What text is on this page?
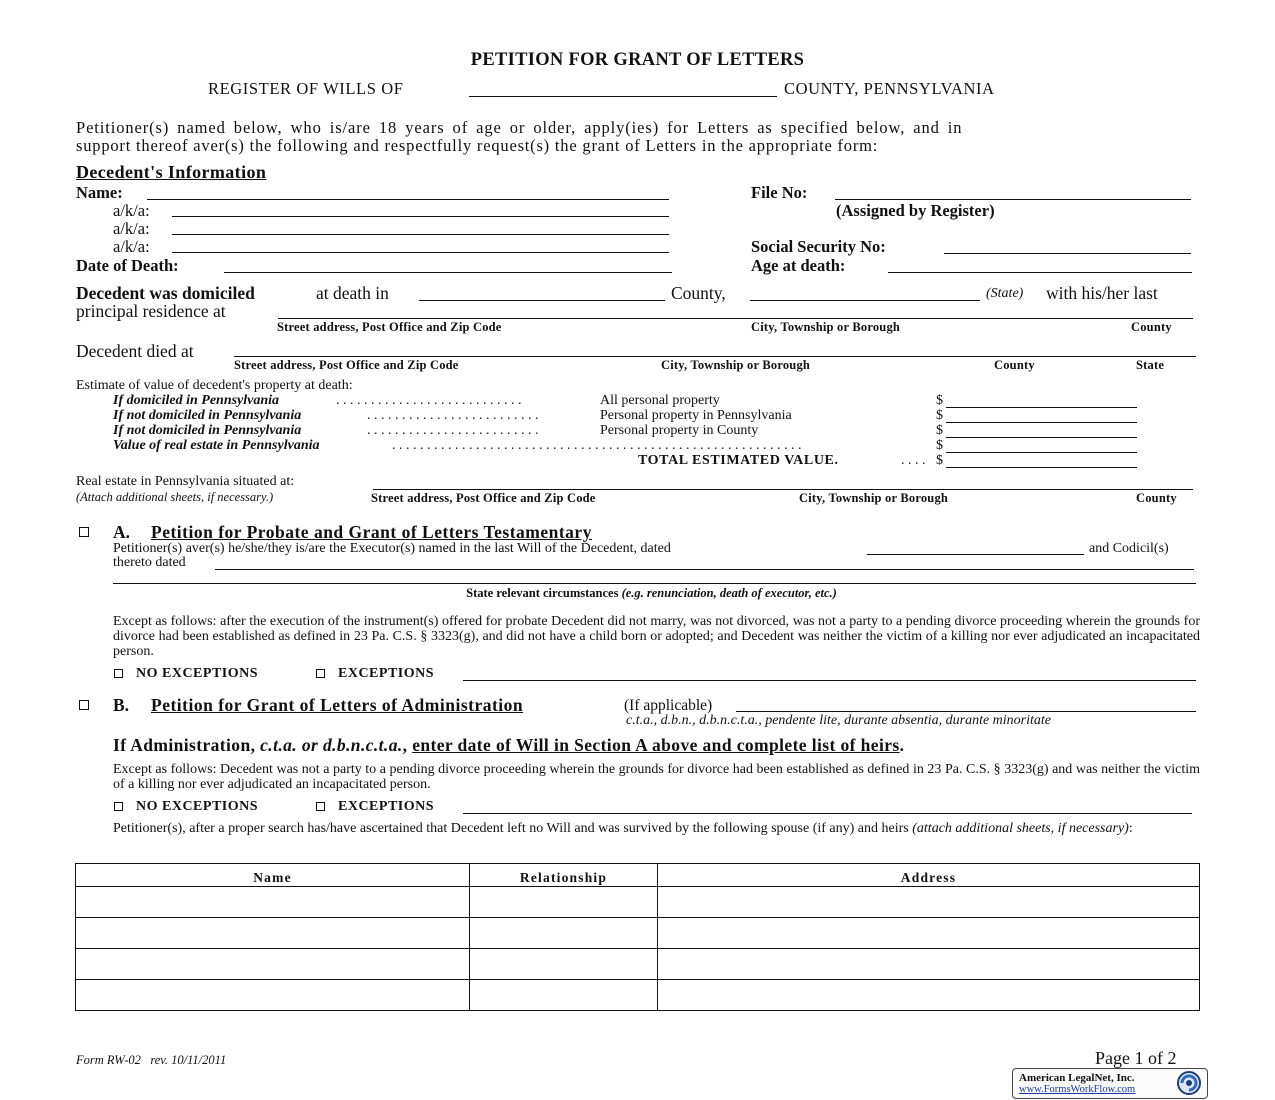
PETITION FOR GRANT OF LETTERS
REGISTER OF WILLS OF	COUNTY, PENNSYLVANIA
Petitioner(s) named below, who is/are 18 years of age or older, apply(ies) for Letters as specified below, and in
support thereof aver(s) the following and respectfully request(s) the grant of Letters in the appropriate form:
Decedent's Information
Name:
a/k/a:
a/k/a:
a/k/a:
Date of Death:
File No:
(Assigned by Register)
Social Security No:
Age at death:
Decedent was domiciled	at death in	County,	(State) with his/her last
principal residence at
Street address, Post Office and Zip Code	City, Township or Borough	County
Decedent died at
Street address, Post Office and Zip Code	City, Township or Borough	County	State
Estimate of value of decedent's property at death:
If domiciled in Pennsylvania	. . . . . . . . . . . . . . . . . . . . . . . . . . .	All personal property	$
If not domiciled in Pennsylvania	. . . . . . . . . . . . . . . . . . . . . . . . .	Personal property in Pennsylvania	$
If not domiciled in Pennsylvania	. . . . . . . . . . . . . . . . . . . . . . . . .	Personal property in County	$
Value of real estate in Pennsylvania	. . . . . . . . . . . . . . . . . . . . . . . . . . . . . . . . . . . . . . . . . . . . . . . . . . . . . . . . . . .	$
TOTAL ESTIMATED VALUE.	. . . . $
Real estate in Pennsylvania situated at:
(Attach additional sheets, if necessary.)	Street address, Post Office and Zip Code	City, Township or Borough	County
A. Petition for Probate and Grant of Letters Testamentary
Petitioner(s) aver(s) he/she/they is/are the Executor(s) named in the last Will of the Decedent, dated	and Codicil(s)
thereto dated
State relevant circumstances (e.g. renunciation, death of executor, etc.)
Except as follows: after the execution of the instrument(s) offered for probate Decedent did not marry, was not divorced, was not a party to a pending divorce proceeding wherein the grounds for divorce had been established as defined in 23 Pa. C.S. § 3323(g), and did not have a child born or adopted; and Decedent was neither the victim of a killing nor ever adjudicated an incapacitated person.
NO EXCEPTIONS	EXCEPTIONS
B. Petition for Grant of Letters of Administration	(If applicable)
c.t.a., d.b.n., d.b.n.c.t.a., pendente lite, durante absentia, durante minoritate
If Administration, c.t.a. or d.b.n.c.t.a., enter date of Will in Section A above and complete list of heirs.
Except as follows: Decedent was not a party to a pending divorce proceeding wherein the grounds for divorce had been established as defined in 23 Pa. C.S. § 3323(g) and was neither the victim of a killing nor ever adjudicated an incapacitated person.
NO EXCEPTIONS	EXCEPTIONS
Petitioner(s), after a proper search has/have ascertained that Decedent left no Will and was survived by the following spouse (if any) and heirs (attach additional sheets, if necessary):
Name	Relationship	Address

Form RW-02 rev. 10/11/2011	Page 1 of 2
American LegalNet, Inc.
www.FormsWorkFlow.com
